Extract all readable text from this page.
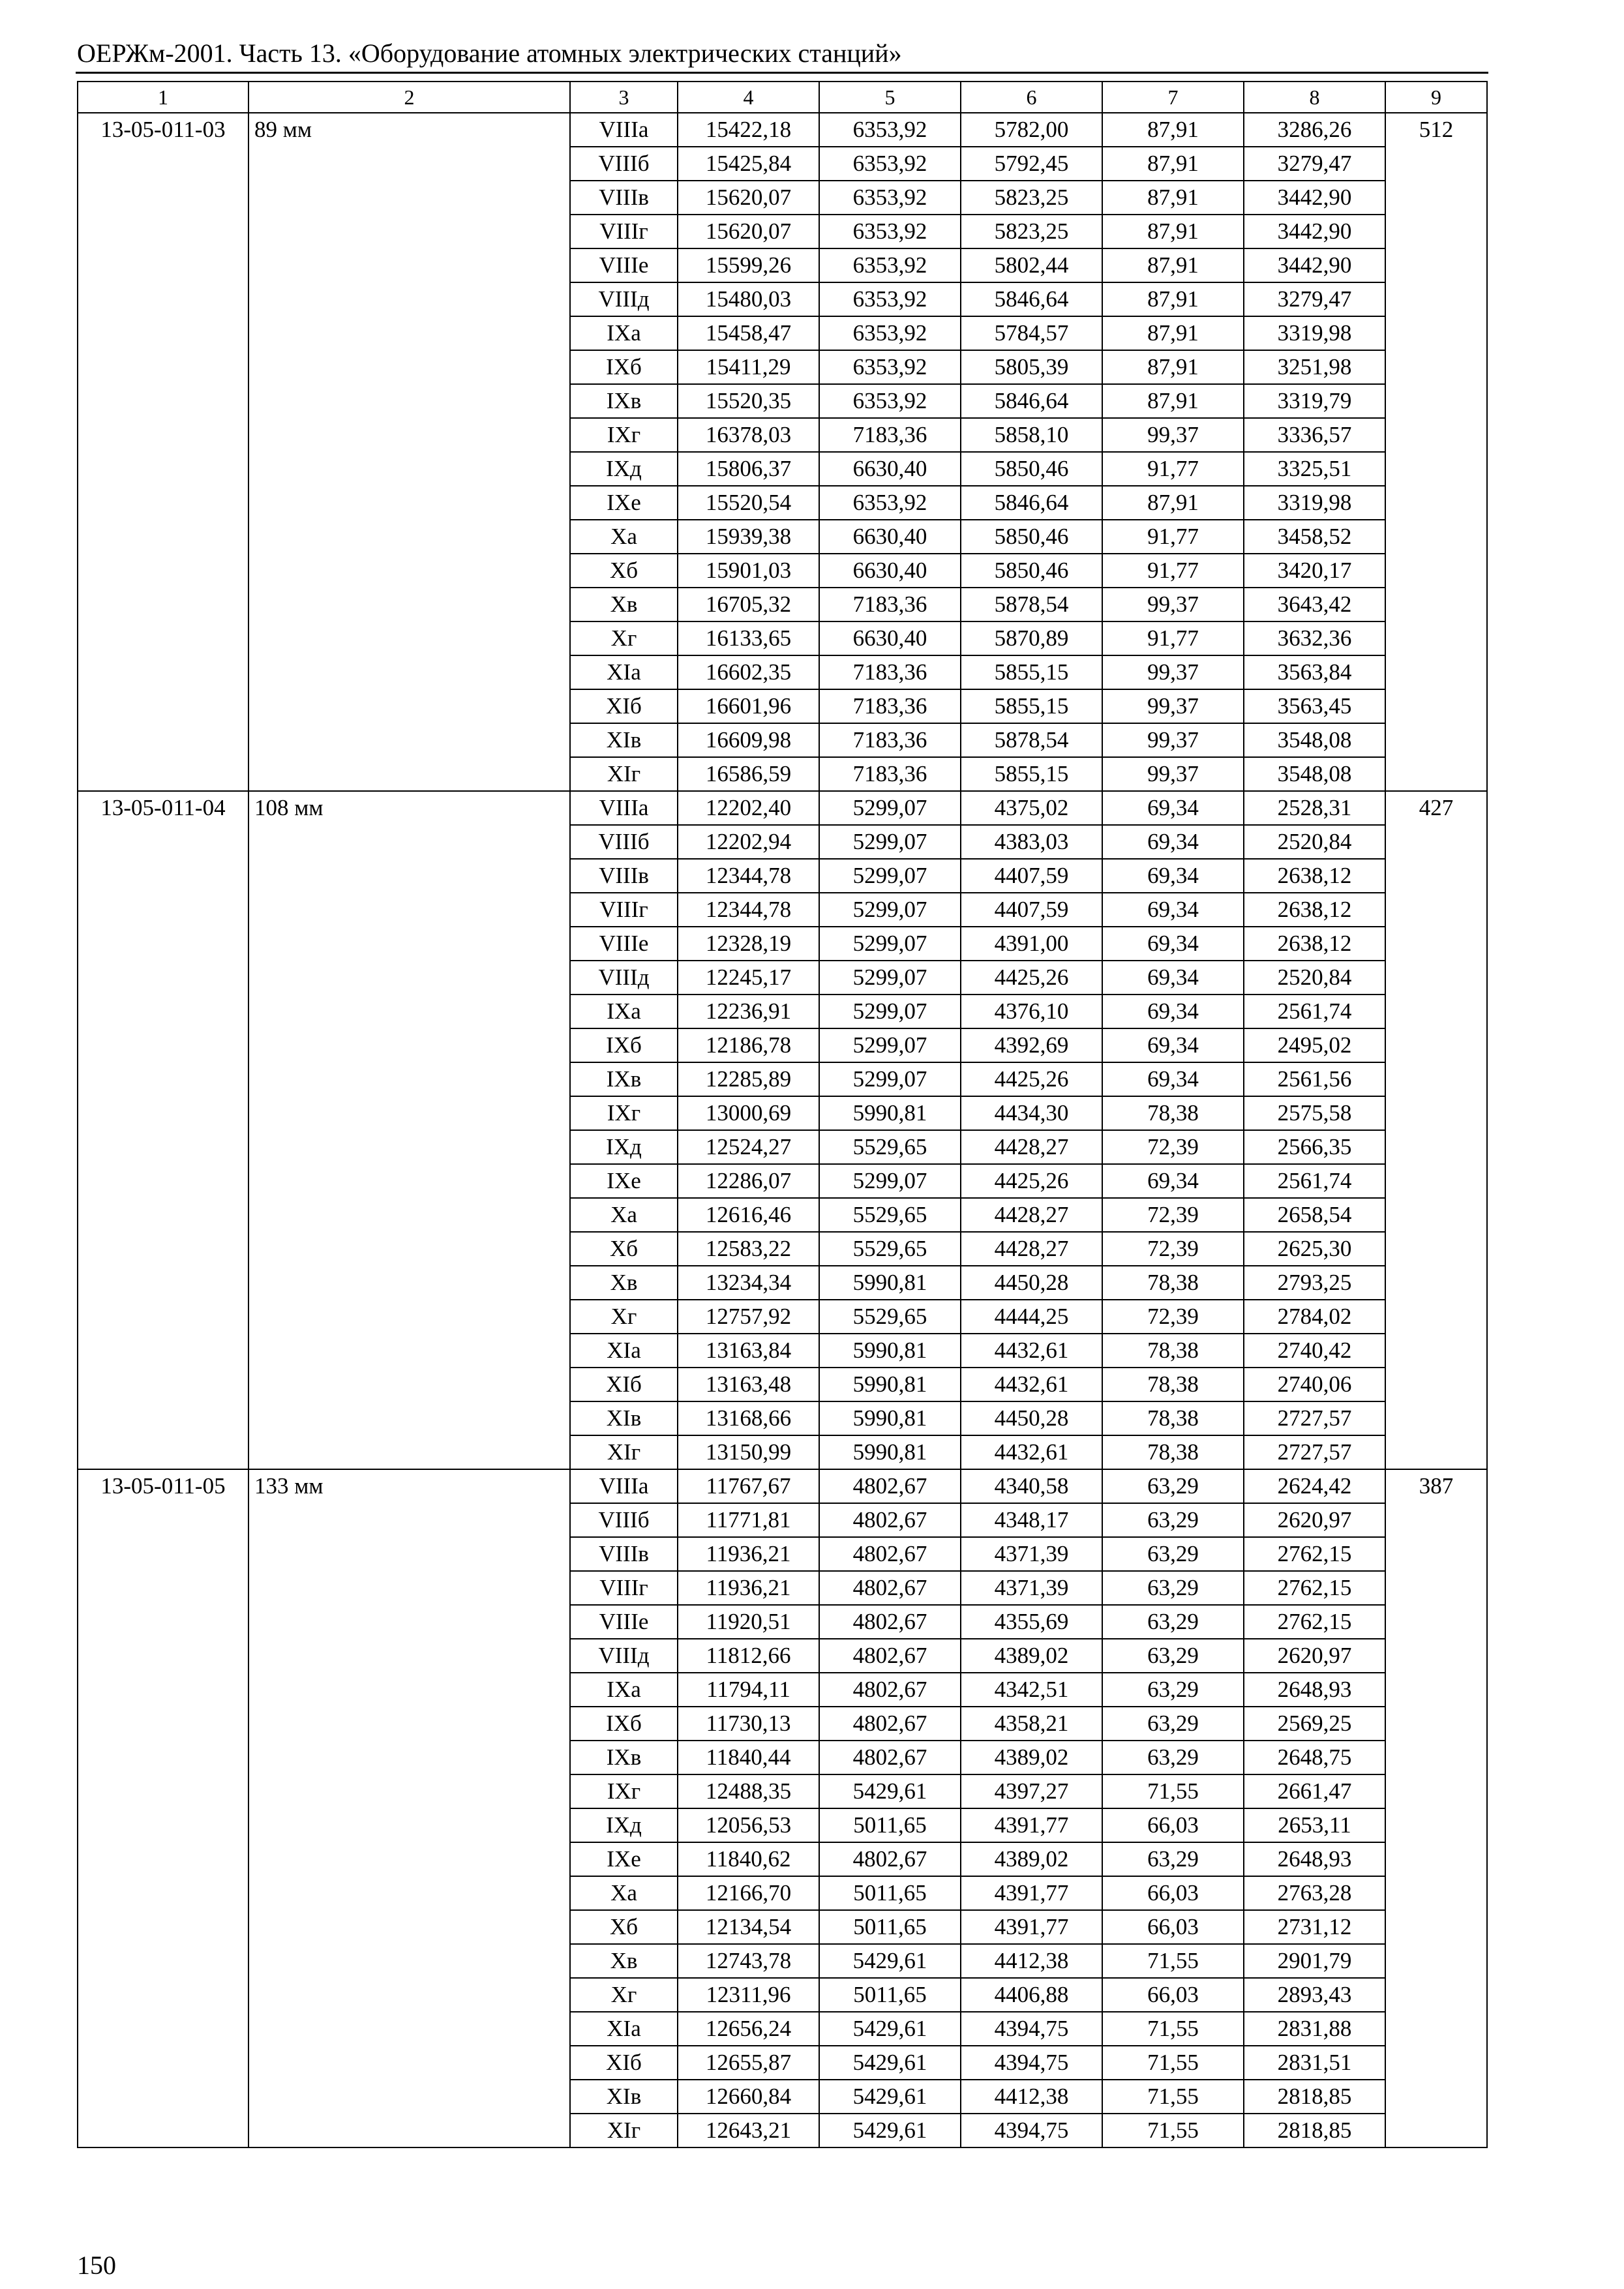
ОЕРЖм-2001. Часть 13. «Оборудование атомных электрических станций»
1	2	3	4	5	6	7	8	9
13-05-011-03	89 мм	VIIIа	15422,18	6353,92	5782,00	87,91	3286,26	512
		VIIIб	15425,84	6353,92	5792,45	87,91	3279,47	
		VIIIв	15620,07	6353,92	5823,25	87,91	3442,90	
		VIIIг	15620,07	6353,92	5823,25	87,91	3442,90	
		VIIIе	15599,26	6353,92	5802,44	87,91	3442,90	
		VIIIд	15480,03	6353,92	5846,64	87,91	3279,47	
		IXа	15458,47	6353,92	5784,57	87,91	3319,98	
		IXб	15411,29	6353,92	5805,39	87,91	3251,98	
		IXв	15520,35	6353,92	5846,64	87,91	3319,79	
		IXг	16378,03	7183,36	5858,10	99,37	3336,57	
		IXд	15806,37	6630,40	5850,46	91,77	3325,51	
		IXе	15520,54	6353,92	5846,64	87,91	3319,98	
		Xа	15939,38	6630,40	5850,46	91,77	3458,52	
		Xб	15901,03	6630,40	5850,46	91,77	3420,17	
		Xв	16705,32	7183,36	5878,54	99,37	3643,42	
		Xг	16133,65	6630,40	5870,89	91,77	3632,36	
		XIа	16602,35	7183,36	5855,15	99,37	3563,84	
		XIб	16601,96	7183,36	5855,15	99,37	3563,45	
		XIв	16609,98	7183,36	5878,54	99,37	3548,08	
		XIг	16586,59	7183,36	5855,15	99,37	3548,08	
13-05-011-04	108 мм	VIIIа	12202,40	5299,07	4375,02	69,34	2528,31	427
		VIIIб	12202,94	5299,07	4383,03	69,34	2520,84	
		VIIIв	12344,78	5299,07	4407,59	69,34	2638,12	
		VIIIг	12344,78	5299,07	4407,59	69,34	2638,12	
		VIIIе	12328,19	5299,07	4391,00	69,34	2638,12	
		VIIIд	12245,17	5299,07	4425,26	69,34	2520,84	
		IXа	12236,91	5299,07	4376,10	69,34	2561,74	
		IXб	12186,78	5299,07	4392,69	69,34	2495,02	
		IXв	12285,89	5299,07	4425,26	69,34	2561,56	
		IXг	13000,69	5990,81	4434,30	78,38	2575,58	
		IXд	12524,27	5529,65	4428,27	72,39	2566,35	
		IXе	12286,07	5299,07	4425,26	69,34	2561,74	
		Xа	12616,46	5529,65	4428,27	72,39	2658,54	
		Xб	12583,22	5529,65	4428,27	72,39	2625,30	
		Xв	13234,34	5990,81	4450,28	78,38	2793,25	
		Xг	12757,92	5529,65	4444,25	72,39	2784,02	
		XIа	13163,84	5990,81	4432,61	78,38	2740,42	
		XIб	13163,48	5990,81	4432,61	78,38	2740,06	
		XIв	13168,66	5990,81	4450,28	78,38	2727,57	
		XIг	13150,99	5990,81	4432,61	78,38	2727,57	
13-05-011-05	133 мм	VIIIа	11767,67	4802,67	4340,58	63,29	2624,42	387
		VIIIб	11771,81	4802,67	4348,17	63,29	2620,97	
		VIIIв	11936,21	4802,67	4371,39	63,29	2762,15	
		VIIIг	11936,21	4802,67	4371,39	63,29	2762,15	
		VIIIе	11920,51	4802,67	4355,69	63,29	2762,15	
		VIIIд	11812,66	4802,67	4389,02	63,29	2620,97	
		IXа	11794,11	4802,67	4342,51	63,29	2648,93	
		IXб	11730,13	4802,67	4358,21	63,29	2569,25	
		IXв	11840,44	4802,67	4389,02	63,29	2648,75	
		IXг	12488,35	5429,61	4397,27	71,55	2661,47	
		IXд	12056,53	5011,65	4391,77	66,03	2653,11	
		IXе	11840,62	4802,67	4389,02	63,29	2648,93	
		Xа	12166,70	5011,65	4391,77	66,03	2763,28	
		Xб	12134,54	5011,65	4391,77	66,03	2731,12	
		Xв	12743,78	5429,61	4412,38	71,55	2901,79	
		Xг	12311,96	5011,65	4406,88	66,03	2893,43	
		XIа	12656,24	5429,61	4394,75	71,55	2831,88	
		XIб	12655,87	5429,61	4394,75	71,55	2831,51	
		XIв	12660,84	5429,61	4412,38	71,55	2818,85	
		XIг	12643,21	5429,61	4394,75	71,55	2818,85	
150
